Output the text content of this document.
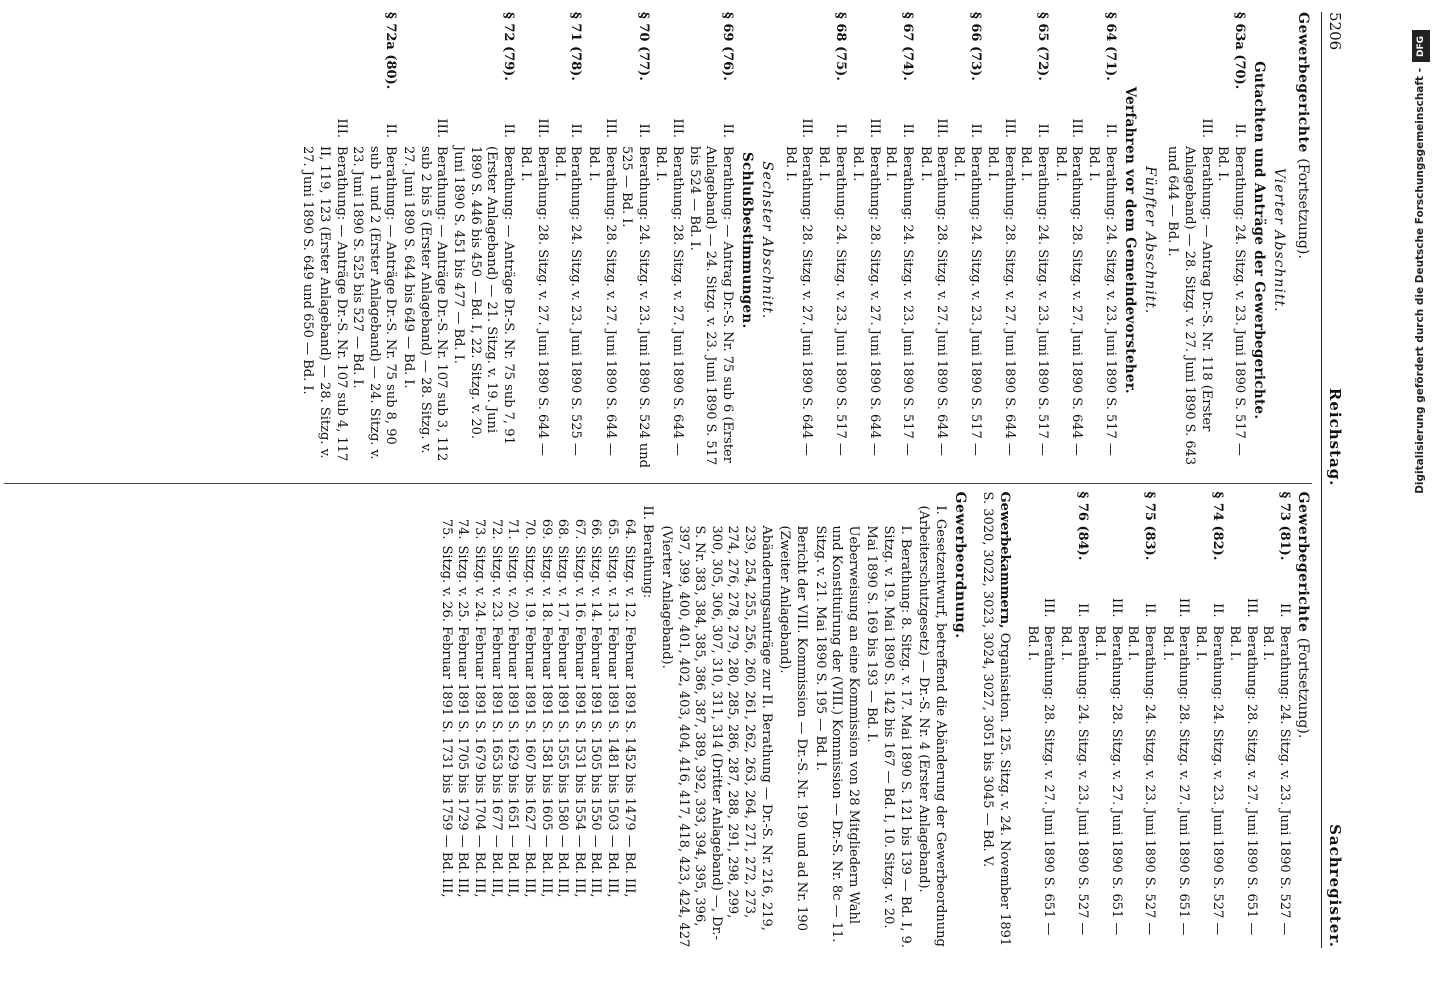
5206
Reichstag.
Sachregister.
Gewerbegerichte (Fortsetzung).
Vierter Abschnitt.
Gutachten und Anträge der Gewerbegerichte.
§ 63a (70).
II.
Berathung: 24. Sitzg. v. 23. Juni 1890 S. 517 — Bd. I.
III.
Berathung: — Antrag Dr.-S. Nr. 118 (Erster Anlageband) — 28. Sitzg. v. 27. Juni 1890 S. 643 und 644 — Bd. I.
Fünfter Abschnitt.
Verfahren vor dem Gemeindevorsteher.
§ 64 (71).
II.
Berathung: 24. Sitzg. v. 23. Juni 1890 S. 517 — Bd. I.
III.
Berathung: 28. Sitzg. v. 27. Juni 1890 S. 644 — Bd. I.
§ 65 (72).
II.
Berathung: 24. Sitzg. v. 23. Juni 1890 S. 517 — Bd. I.
III.
Berathung: 28. Sitzg. v. 27. Juni 1890 S. 644 — Bd. I.
§ 66 (73).
II.
Berathung: 24. Sitzg. v. 23. Juni 1890 S. 517 — Bd. I.
III.
Berathung: 28. Sitzg. v. 27. Juni 1890 S. 644 — Bd. I.
§ 67 (74).
II.
Berathung: 24. Sitzg. v. 23. Juni 1890 S. 517 — Bd. I.
III.
Berathung: 28. Sitzg. v. 27. Juni 1890 S. 644 — Bd. I.
§ 68 (75).
II.
Berathung: 24. Sitzg. v. 23. Juni 1890 S. 517 — Bd. I.
III.
Berathung: 28. Sitzg. v. 27. Juni 1890 S. 644 — Bd. I.
Sechster Abschnitt.
Schlußbestimmungen.
§ 69 (76).
II.
Berathung: — Antrag Dr.-S. Nr. 75 sub 6 (Erster Anlageband) — 24. Sitzg. v. 23. Juni 1890 S. 517 bis 524 — Bd. I.
III.
Berathung: 28. Sitzg. v. 27. Juni 1890 S. 644 — Bd. I.
§ 70 (77).
II.
Berathung: 24. Sitzg. v. 23. Juni 1890 S. 524 und 525 — Bd. I.
III.
Berathung: 28. Sitzg. v. 27. Juni 1890 S. 644 — Bd. I.
§ 71 (78).
II.
Berathung: 24. Sitzg. v. 23. Juni 1890 S. 525 — Bd. I.
III.
Berathung: 28. Sitzg. v. 27. Juni 1890 S. 644 — Bd. I.
§ 72 (79).
II.
Berathung: — Anträge Dr.-S. Nr. 75 sub 7, 91 (Erster Anlageband) — 21. Sitzg. v. 19. Juni 1890 S. 446 bis 450 — Bd. I, 22. Sitzg. v. 20. Juni 1890 S. 451 bis 477 — Bd. I.
III.
Berathung: — Anträge Dr.-S. Nr. 107 sub 3, 112 sub 2 bis 5 (Erster Anlageband) — 28. Sitzg. v. 27. Juni 1890 S. 644 bis 649 — Bd. I.
§ 72a (80).
II.
Berathung: — Anträge Dr.-S. Nr. 75 sub 8, 90 sub 1 und 2 (Erster Anlageband) — 24. Sitzg. v. 23. Juni 1890 S. 525 bis 527 — Bd. I.
III.
Berathung: — Anträge Dr.-S. Nr. 107 sub 4, 117 II, 119, 123 (Erster Anlageband) — 28. Sitzg. v. 27. Juni 1890 S. 649 und 650 — Bd. I.
Gewerbegerichte (Fortsetzung).
§ 73 (81).
II.
Berathung: 24. Sitzg. v. 23. Juni 1890 S. 527 — Bd. I.
III.
Berathung: 28. Sitzg. v. 27. Juni 1890 S. 651 — Bd. I.
§ 74 (82).
II.
Berathung: 24. Sitzg. v. 23. Juni 1890 S. 527 — Bd. I.
III.
Berathung: 28. Sitzg. v. 27. Juni 1890 S. 651 — Bd. I.
§ 75 (83).
II.
Berathung: 24. Sitzg. v. 23. Juni 1890 S. 527 — Bd. I.
III.
Berathung: 28. Sitzg. v. 27. Juni 1890 S. 651 — Bd. I.
§ 76 (84).
II.
Berathung: 24. Sitzg. v. 23. Juni 1890 S. 527 — Bd. I.
III.
Berathung: 28. Sitzg. v. 27. Juni 1890 S. 651 — Bd. I.
Gewerbekammern, Organisation. 125. Sitzg. v. 24. November 1891 S. 3020, 3022, 3023, 3024, 3027, 3051 bis 3045 — Bd. V.
Gewerbeordnung.
I. Gesetzentwurf, betreffend die Abänderung der Gewerbeordnung (Arbeiterschutzgesetz) — Dr.-S. Nr. 4 (Erster Anlageband).
I. Berathung: 8. Sitzg. v. 17. Mai 1890 S. 121 bis 139 — Bd. I, 9. Sitzg. v. 19. Mai 1890 S. 142 bis 167 — Bd. I, 10. Sitzg. v. 20. Mai 1890 S. 169 bis 193 — Bd. I.
Ueberweisung an eine Kommission von 28 Mitgliedern Wahl und Konstituirung der (VIII.) Kommission — Dr.-S. Nr. 8c — 11. Sitzg. v. 21. Mai 1890 S. 195 — Bd. I.
Bericht der VIII. Kommission — Dr.-S. Nr. 190 und ad Nr. 190 (Zweiter Anlageband).
Abänderungsanträge zur II. Berathung — Dr.-S. Nr. 216, 219, 239, 254, 255, 256, 260, 261, 262, 263, 264, 271, 272, 273, 274, 276, 278, 279, 280, 285, 286, 287, 288, 291, 298, 299, 300, 305, 306, 307, 310, 311, 314 (Dritter Anlageband) —, Dr.-S. Nr. 383, 384, 385, 386, 387, 389, 392, 393, 394, 395, 396, 397, 399, 400, 401, 402, 403, 404, 416, 417, 418, 423, 424, 427 (Vierter Anlageband).
II. Berathung:
64.
Sitzg. v. 12. Februar 1891 S. 1452 bis 1479 — Bd. III,
65.
Sitzg. v. 13. Februar 1891 S. 1481 bis 1503 — Bd. III,
66.
Sitzg. v. 14. Februar 1891 S. 1505 bis 1550 — Bd. III,
67.
Sitzg. v. 16. Februar 1891 S. 1531 bis 1554 — Bd. III,
68.
Sitzg. v. 17. Februar 1891 S. 1555 bis 1580 — Bd. III,
69.
Sitzg. v. 18. Februar 1891 S. 1581 bis 1605 — Bd. III,
70.
Sitzg. v. 19. Februar 1891 S. 1607 bis 1627 — Bd. III,
71.
Sitzg. v. 20. Februar 1891 S. 1629 bis 1651 — Bd. III,
72.
Sitzg. v. 23. Februar 1891 S. 1653 bis 1677 — Bd. III,
73.
Sitzg. v. 24. Februar 1891 S. 1679 bis 1704 — Bd. III,
74.
Sitzg. v. 25. Februar 1891 S. 1705 bis 1729 — Bd. III,
75.
Sitzg. v. 26. Februar 1891 S. 1731 bis 1759 — Bd. III,
DFG
Digitalisierung gefördert durch die Deutsche Forschungsgemeinschaft -
